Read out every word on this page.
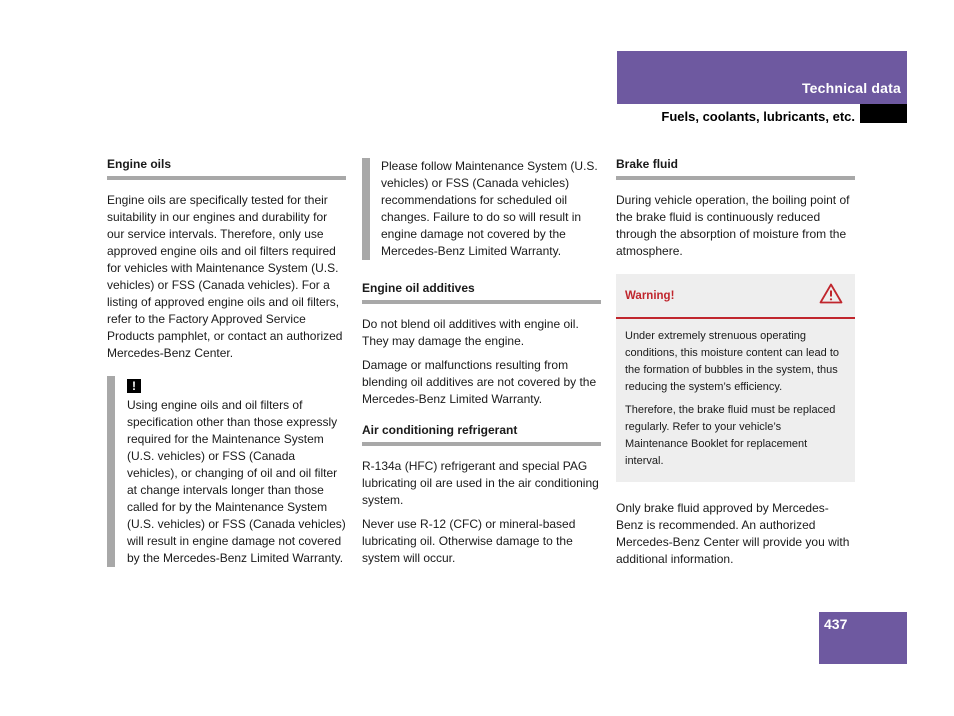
Technical data
Fuels, coolants, lubricants, etc.
Engine oils

Engine oils are specifically tested for their suitability in our engines and durability for our service intervals. Therefore, only use approved engine oils and oil filters required for vehicles with Maintenance System (U.S. vehicles) or FSS (Canada vehicles). For a listing of approved engine oils and oil filters, refer to the Factory Approved Service Products pamphlet, or contact an authorized Mercedes-Benz Center.

!
Using engine oils and oil filters of specification other than those expressly required for the Maintenance System (U.S. vehicles) or FSS (Canada vehicles), or changing of oil and oil filter at change intervals longer than those called for by the Maintenance System (U.S. vehicles) or FSS (Canada vehicles) will result in engine damage not covered by the Mercedes-Benz Limited Warranty.
Please follow Maintenance System (U.S. vehicles) or FSS (Canada vehicles) recommendations for scheduled oil changes. Failure to do so will result in engine damage not covered by the Mercedes-Benz Limited Warranty.
Engine oil additives

Do not blend oil additives with engine oil. They may damage the engine.

Damage or malfunctions resulting from blending oil additives are not covered by the Mercedes-Benz Limited Warranty.

Air conditioning refrigerant

R-134a (HFC) refrigerant and special PAG lubricating oil are used in the air conditioning system.

Never use R-12 (CFC) or mineral-based lubricating oil. Otherwise damage to the system will occur.

Brake fluid

During vehicle operation, the boiling point of the brake fluid is continuously reduced through the absorption of moisture from the atmosphere.

Warning!

Under extremely strenuous operating conditions, this moisture content can lead to the formation of bubbles in the system, thus reducing the system’s efficiency.

Therefore, the brake fluid must be replaced regularly. Refer to your vehicle’s Maintenance Booklet for replacement interval.

Only brake fluid approved by Mercedes-Benz is recommended. An authorized Mercedes-Benz Center will provide you with additional information.

437
